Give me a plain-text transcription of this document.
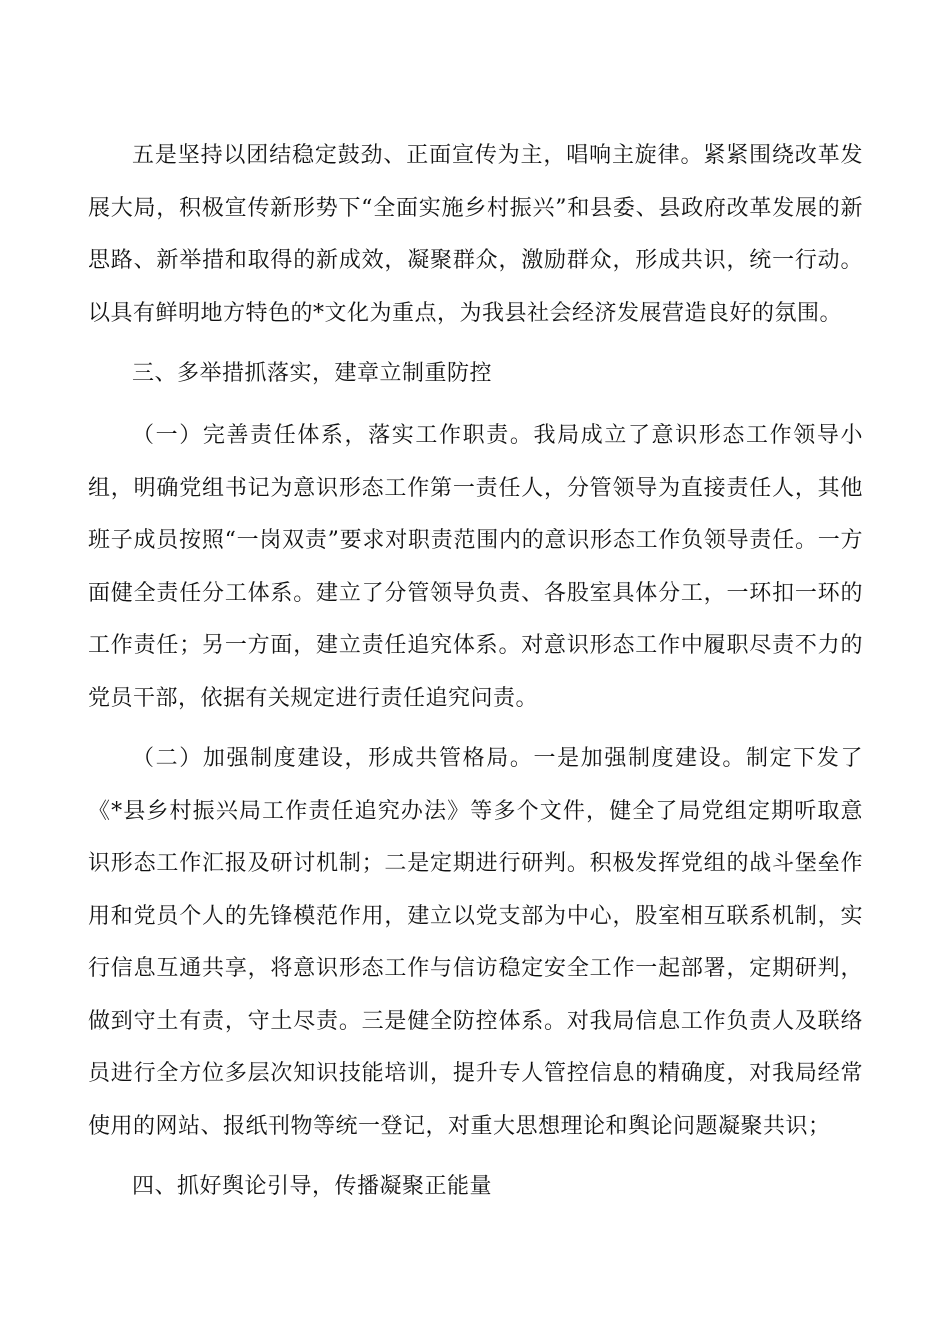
五是坚持以团结稳定鼓劲、正面宣传为主，唱响主旋律。紧紧围绕改革发展大局，积极宣传新形势下“全面实施乡村振兴”和县委、县政府改革发展的新思路、新举措和取得的新成效，凝聚群众，激励群众，形成共识，统一行动。以具有鲜明地方特色的*文化为重点，为我县社会经济发展营造良好的氛围。

三、多举措抓落实，建章立制重防控

（一）完善责任体系，落实工作职责。我局成立了意识形态工作领导小组，明确党组书记为意识形态工作第一责任人，分管领导为直接责任人，其他班子成员按照“一岗双责”要求对职责范围内的意识形态工作负领导责任。一方面健全责任分工体系。建立了分管领导负责、各股室具体分工，一环扣一环的工作责任；另一方面，建立责任追究体系。对意识形态工作中履职尽责不力的党员干部，依据有关规定进行责任追究问责。

（二）加强制度建设，形成共管格局。一是加强制度建设。制定下发了《*县乡村振兴局工作责任追究办法》等多个文件，健全了局党组定期听取意识形态工作汇报及研讨机制；二是定期进行研判。积极发挥党组的战斗堡垒作用和党员个人的先锋模范作用，建立以党支部为中心，股室相互联系机制，实行信息互通共享，将意识形态工作与信访稳定安全工作一起部署，定期研判，做到守土有责，守土尽责。三是健全防控体系。对我局信息工作负责人及联络员进行全方位多层次知识技能培训，提升专人管控信息的精确度，对我局经常使用的网站、报纸刊物等统一登记，对重大思想理论和舆论问题凝聚共识；

四、抓好舆论引导，传播凝聚正能量
